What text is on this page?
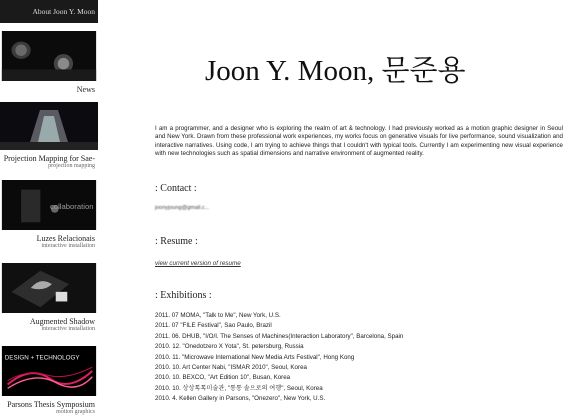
About Joon Y. Moon
News
Projection Mapping for Sae-
projection mapping
collaboration
Luzes Relacionais
interactive installation
Augmented Shadow
interactive installation
DESIGN + TECHNOLOGY
Parsons Thesis Symposium
motion graphics
Joon Y. Moon, 문준용
I am a programmer, and a designer who is exploring the realm of art & technology. I had previously worked as a motion graphic designer in Seoul and New York. Drawn from these professional work experiences, my works focus on generative visuals for live performance, sound visualization and interactive narratives. Using code, I am trying to achieve things that I couldn't with typical tools. Currently I am experimenting new visual experience with new technologies such as spatial dimensions and narrative environment of augmented reality.
: Contact :
joonyjoung@gmail.c...
: Resume :
view current version of resume
: Exhibitions :
2011. 07 MOMA, "Talk to Me", New York, U.S.
2011. 07 "FILE Festival", Sao Paulo, Brazil
2011. 06. DHUB, "I/O/I. The Senses of Machines(Interaction Laboratory", Barcelona, Spain
2010. 12. "Onedotzero X Yota", St. petersburg, Russia
2010. 11. "Microwave International New Media Arts Festival", Hong Kong
2010. 10. Art Center Nabi, "ISMAR 2010", Seoul, Korea
2010. 10. BEXCO, "Art Edition 10", Busan, Korea
2010. 10. 상상톡톡미술관, "통통 솔으로의 여행", Seoul, Korea
2010. 4. Kellen Gallery in Parsons, "Onezero", New York, U.S.
